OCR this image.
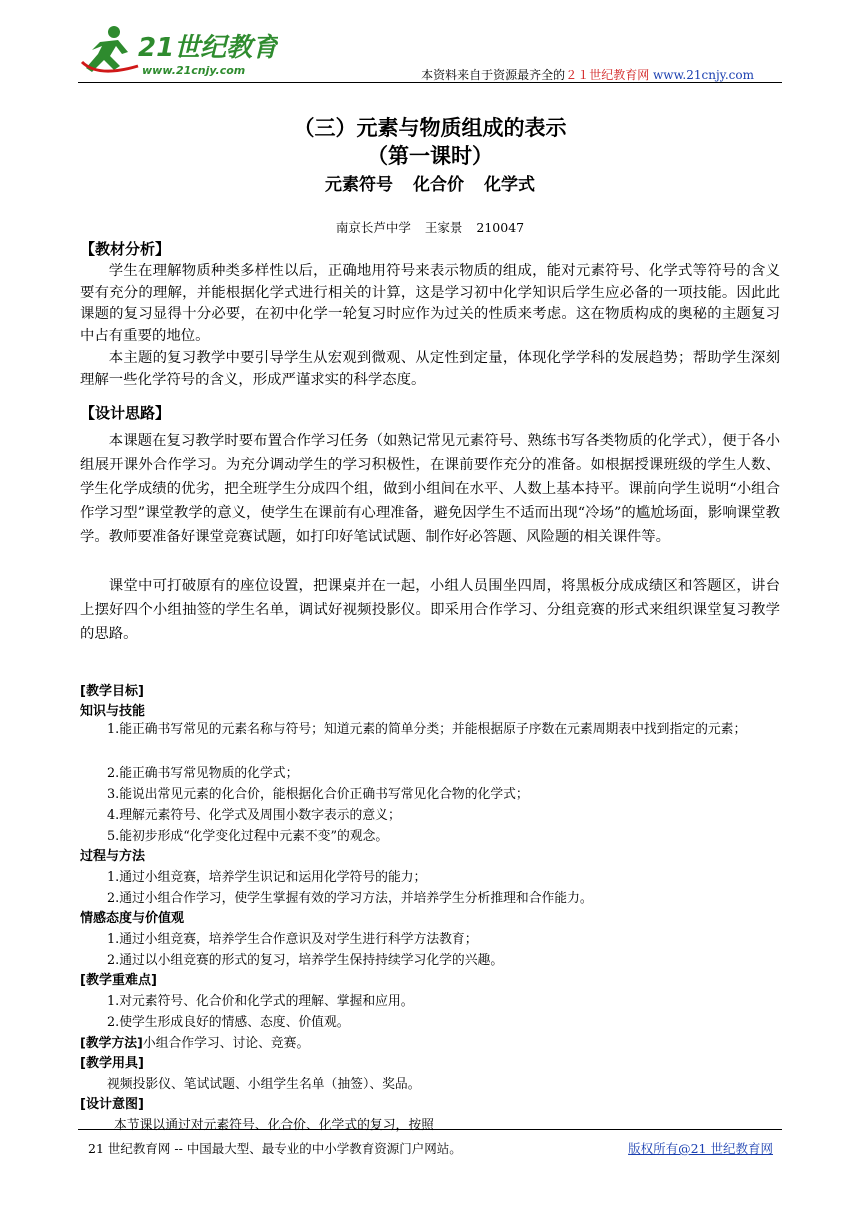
21世纪教育
www.21cnjy.com	本资料来自于资源最齐全的２１世纪教育网 www.21cnjy.com
（三）元素与物质组成的表示
（第一课时）
元素符号 化合价 化学式
南京长芦中学 王家景 210047
【教材分析】
学生在理解物质种类多样性以后，正确地用符号来表示物质的组成，能对元素符号、化学式等符号的含义要有充分的理解，并能根据化学式进行相关的计算，这是学习初中化学知识后学生应必备的一项技能。因此此课题的复习显得十分必要，在初中化学一轮复习时应作为过关的性质来考虑。这在物质构成的奥秘的主题复习中占有重要的地位。
本主题的复习教学中要引导学生从宏观到微观、从定性到定量，体现化学学科的发展趋势；帮助学生深刻理解一些化学符号的含义，形成严谨求实的科学态度。
【设计思路】
本课题在复习教学时要布置合作学习任务（如熟记常见元素符号、熟练书写各类物质的化学式），便于各小组展开课外合作学习。为充分调动学生的学习积极性，在课前要作充分的准备。如根据授课班级的学生人数、学生化学成绩的优劣，把全班学生分成四个组，做到小组间在水平、人数上基本持平。课前向学生说明“小组合作学习型”课堂教学的意义，使学生在课前有心理准备，避免因学生不适而出现“冷场”的尴尬场面，影响课堂教学。教师要准备好课堂竞赛试题，如打印好笔试试题、制作好必答题、风险题的相关课件等。
课堂中可打破原有的座位设置，把课桌并在一起，小组人员围坐四周，将黑板分成成绩区和答题区，讲台上摆好四个小组抽签的学生名单，调试好视频投影仪。即采用合作学习、分组竞赛的形式来组织课堂复习教学的思路。
[教学目标]
知识与技能
1.能正确书写常见的元素名称与符号；知道元素的简单分类；并能根据原子序数在元素周期表中找到指定的元素；
2.能正确书写常见物质的化学式；
3.能说出常见元素的化合价，能根据化合价正确书写常见化合物的化学式；
4.理解元素符号、化学式及周围小数字表示的意义；
5.能初步形成“化学变化过程中元素不变”的观念。
过程与方法
1.通过小组竞赛，培养学生识记和运用化学符号的能力；
2.通过小组合作学习，使学生掌握有效的学习方法，并培养学生分析推理和合作能力。
情感态度与价值观
1.通过小组竞赛，培养学生合作意识及对学生进行科学方法教育；
2.通过以小组竞赛的形式的复习，培养学生保持持续学习化学的兴趣。
[教学重难点]
1.对元素符号、化合价和化学式的理解、掌握和应用。
2.使学生形成良好的情感、态度、价值观。
[教学方法]小组合作学习、讨论、竞赛。
[教学用具]
视频投影仪、笔试试题、小组学生名单（抽签）、奖品。
[设计意图]
本节课以通过对元素符号、化合价、化学式的复习，按照
21 世纪教育网 -- 中国最大型、最专业的中小学教育资源门户网站。	版权所有@21 世纪教育网
